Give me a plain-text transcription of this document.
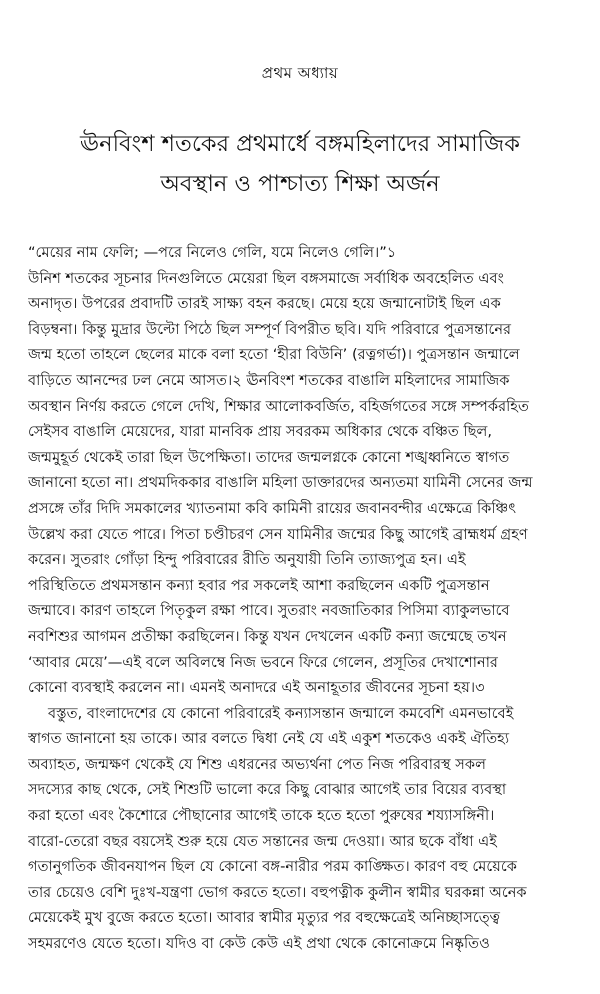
প্রথম অধ্যায়
ঊনবিংশ শতকের প্রথমার্ধে বঙ্গমহিলাদের সামাজিক
অবস্থান ও পাশ্চাত্য শিক্ষা অর্জন
“মেয়ের নাম ফেলি; —পরে নিলেও গেলি, যমে নিলেও গেলি।”১
উনিশ শতকের সূচনার দিনগুলিতে মেয়েরা ছিল বঙ্গসমাজে সর্বাধিক অবহেলিত এবং
অনাদৃত। উপরের প্রবাদটি তারই সাক্ষ্য বহন করছে। মেয়ে হয়ে জন্মানোটাই ছিল এক
বিড়ম্বনা। কিন্তু মুদ্রার উল্টো পিঠে ছিল সম্পূর্ণ বিপরীত ছবি। যদি পরিবারে পুত্রসন্তানের
জন্ম হতো তাহলে ছেলের মাকে বলা হতো ‘হীরা বিউনি’ (রত্নগর্ভা)। পুত্রসন্তান জন্মালে
বাড়িতে আনন্দের ঢল নেমে আসত।২ ঊনবিংশ শতকের বাঙালি মহিলাদের সামাজিক
অবস্থান নির্ণয় করতে গেলে দেখি, শিক্ষার আলোকবর্জিত, বহির্জগতের সঙ্গে সম্পর্করহিত
সেইসব বাঙালি মেয়েদের, যারা মানবিক প্রায় সবরকম অধিকার থেকে বঞ্চিত ছিল,
জন্মমুহূর্ত থেকেই তারা ছিল উপেক্ষিতা। তাদের জন্মলগ্নকে কোনো শঙ্খধ্বনিতে স্বাগত
জানানো হতো না। প্রথমদিককার বাঙালি মহিলা ডাক্তারদের অন্যতমা যামিনী সেনের জন্ম
প্রসঙ্গে তাঁর দিদি সমকালের খ্যাতনামা কবি কামিনী রায়ের জবানবন্দীর এক্ষেত্রে কিঞ্চিৎ
উল্লেখ করা যেতে পারে। পিতা চণ্ডীচরণ সেন যামিনীর জন্মের কিছু আগেই ব্রাহ্মধর্ম গ্রহণ
করেন। সুতরাং গোঁড়া হিন্দু পরিবারের রীতি অনুযায়ী তিনি ত্যাজ্যপুত্র হন। এই
পরিস্থিতিতে প্রথমসন্তান কন্যা হবার পর সকলেই আশা করছিলেন একটি পুত্রসন্তান
জন্মাবে। কারণ তাহলে পিতৃকুল রক্ষা পাবে। সুতরাং নবজাতিকার পিসিমা ব্যাকুলভাবে
নবশিশুর আগমন প্রতীক্ষা করছিলেন। কিন্তু যখন দেখলেন একটি কন্যা জন্মেছে তখন
‘আবার মেয়ে’—এই বলে অবিলম্বে নিজ ভবনে ফিরে গেলেন, প্রসূতির দেখাশোনার
কোনো ব্যবস্থাই করলেন না। এমনই অনাদরে এই অনাহূতার জীবনের সূচনা হয়।৩
বস্তুত, বাংলাদেশের যে কোনো পরিবারেই কন্যাসন্তান জন্মালে কমবেশি এমনভাবেই
স্বাগত জানানো হয় তাকে। আর বলতে দ্বিধা নেই যে এই একুশ শতকেও একই ঐতিহ্য
অব্যাহত, জন্মক্ষণ থেকেই যে শিশু এধরনের অভ্যর্থনা পেত নিজ পরিবারস্থ সকল
সদস্যের কাছ থেকে, সেই শিশুটি ভালো করে কিছু বোঝার আগেই তার বিয়ের ব্যবস্থা
করা হতো এবং কৈশোরে পৌছানোর আগেই তাকে হতে হতো পুরুষের শয্যাসঙ্গিনী।
বারো-তেরো বছর বয়সেই শুরু হয়ে যেত সন্তানের জন্ম দেওয়া। আর ছকে বাঁধা এই
গতানুগতিক জীবনযাপন ছিল যে কোনো বঙ্গ-নারীর পরম কাঙ্ক্ষিত। কারণ বহু মেয়েকে
তার চেয়েও বেশি দুঃখ-যন্ত্রণা ভোগ করতে হতো। বহুপত্নীক কুলীন স্বামীর ঘরকন্না অনেক
মেয়েকেই মুখ বুজে করতে হতো। আবার স্বামীর মৃত্যুর পর বহুক্ষেত্রেই অনিচ্ছাসত্ত্বে
সহমরণেও যেতে হতো। যদিও বা কেউ কেউ এই প্রথা থেকে কোনোক্রমে নিষ্কৃতিও
